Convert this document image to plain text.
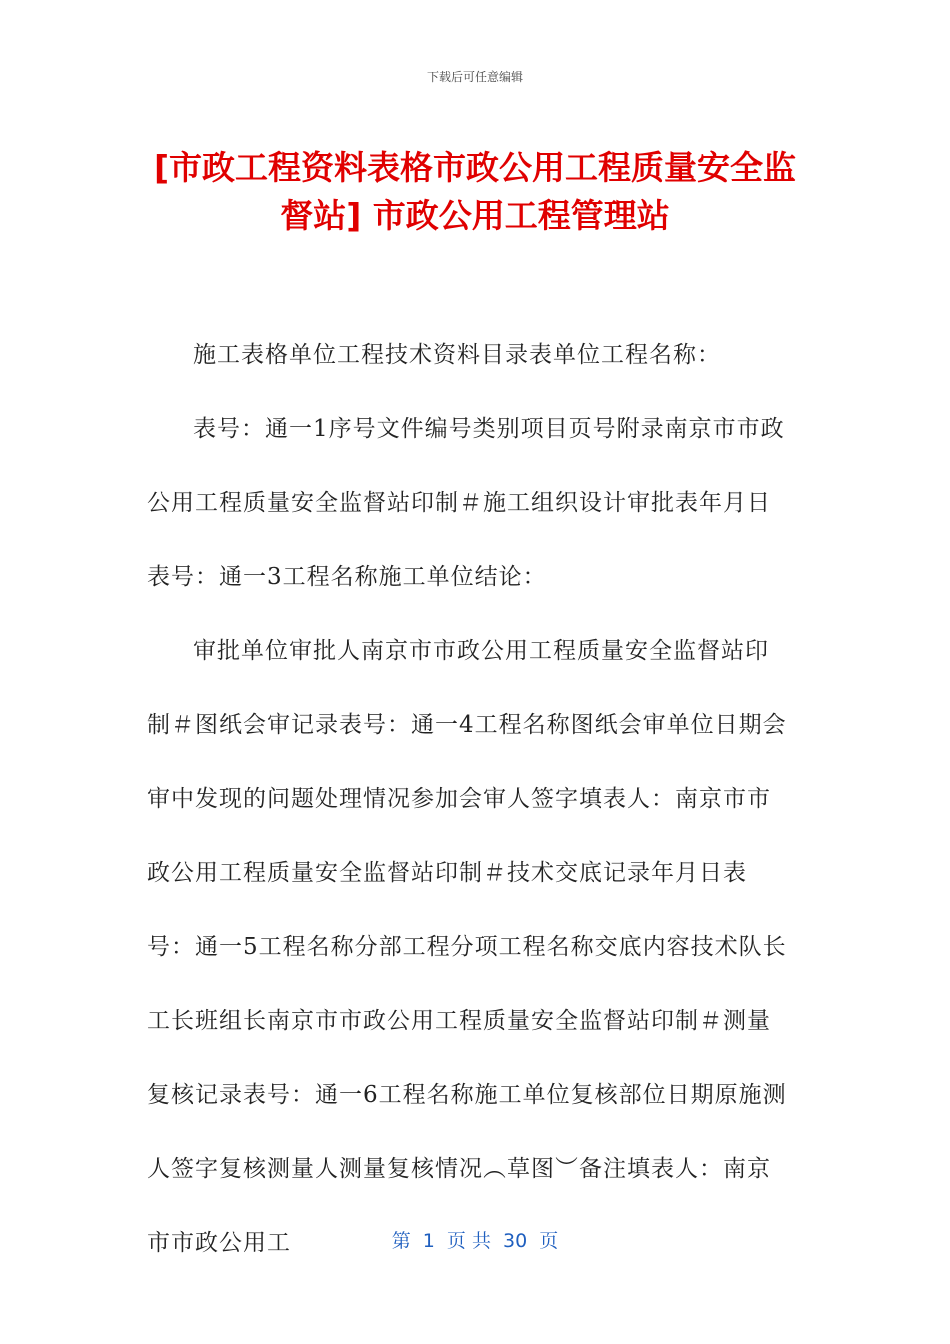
下载后可任意编辑
[市政工程资料表格市政公用工程质量安全监
督站] 市政公用工程管理站

施工表格单位工程技术资料目录表单位工程名称：

表号：通一1序号文件编号类别项目页号附录南京市市政公用工程质量安全监督站印制＃施工组织设计审批表年月日表号：通一3工程名称施工单位结论：

审批单位审批人南京市市政公用工程质量安全监督站印制＃图纸会审记录表号：通一4工程名称图纸会审单位日期会审中发现的问题处理情况参加会审人签字填表人：南京市市政公用工程质量安全监督站印制＃技术交底记录年月日表号：通一5工程名称分部工程分项工程名称交底内容技术队长工长班组长南京市市政公用工程质量安全监督站印制＃测量复核记录表号：通一6工程名称施工单位复核部位日期原施测人签字复核测量人测量复核情况︵草图︶备注填表人：南京市市政公用工	第  1  页 共  30  页
